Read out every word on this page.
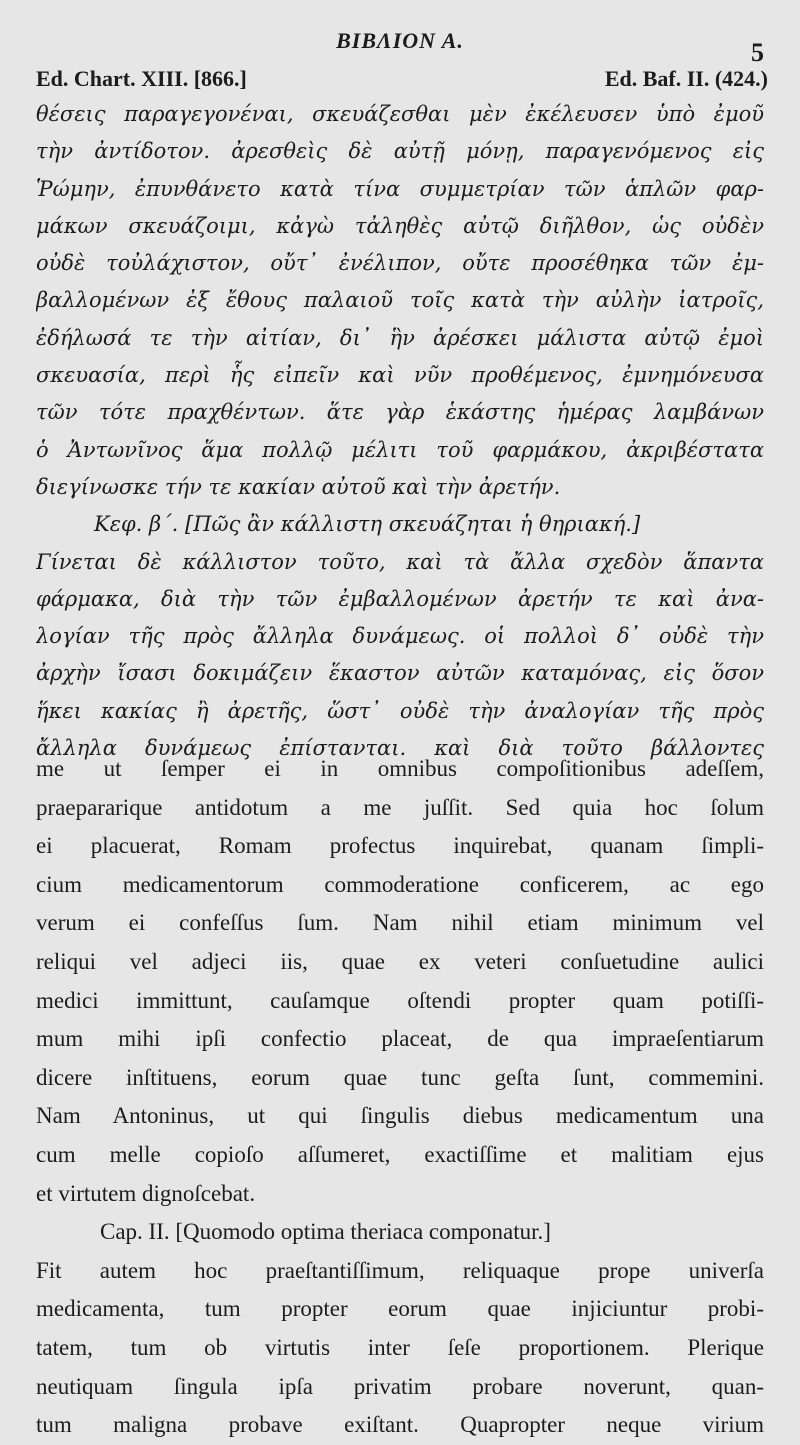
ΒΙΒΛΙΟΝ Α.	5
Ed. Chart. XIII. [866.]	Ed. Baf. II. (424.)
θέσεις παραγεγονέναι, σκευάζεσθαι μὲν ἐκέλευσεν ὑπὸ ἐμοῦ
τὴν ἀντίδοτον. ἀρεσθεὶς δὲ αὐτῇ μόνῃ, παραγενόμενος εἰς
Ῥώμην, ἐπυνθάνετο κατὰ τίνα συμμετρίαν τῶν ἁπλῶν φαρ-
μάκων σκευάζοιμι, κἀγὼ τἀληθὲς αὐτῷ διῆλθον, ὡς οὐδὲν
οὐδὲ τοὐλάχιστον, οὔτ᾽ ἐνέλιπον, οὔτε προσέθηκα τῶν ἐμ-
βαλλομένων ἐξ ἔθους παλαιοῦ τοῖς κατὰ τὴν αὐλὴν ἰατροῖς,
ἐδήλωσά τε τὴν αἰτίαν, δι᾽ ἣν ἀρέσκει μάλιστα αὐτῷ ἐμοὶ
σκευασία, περὶ ἧς εἰπεῖν καὶ νῦν προθέμενος, ἐμνημόνευσα
τῶν τότε πραχθέντων. ἅτε γὰρ ἑκάστης ἡμέρας λαμβάνων
ὁ Ἀντωνῖνος ἅμα πολλῷ μέλιτι τοῦ φαρμάκου, ἀκριβέστατα
διεγίνωσκε τήν τε κακίαν αὐτοῦ καὶ τὴν ἀρετήν.
Κεφ. β΄. [Πῶς ἂν κάλλιστη σκευάζηται ἡ θηριακή.]
Γίνεται δὲ κάλλιστον τοῦτο, καὶ τὰ ἄλλα σχεδὸν ἅπαντα
φάρμακα, διὰ τὴν τῶν ἐμβαλλομένων ἀρετήν τε καὶ ἀνα-
λογίαν τῆς πρὸς ἄλληλα δυνάμεως. οἱ πολλοὶ δ᾽ οὐδὲ τὴν
ἀρχὴν ἴσασι δοκιμάζειν ἕκαστον αὐτῶν καταμόνας, εἰς ὅσον
ἥκει κακίας ἢ ἀρετῆς, ὥστ᾽ οὐδὲ τὴν ἀναλογίαν τῆς πρὸς
ἄλληλα δυνάμεως ἐπίστανται. καὶ διὰ τοῦτο βάλλοντες
me ut ſemper ei in omnibus compoſitionibus adeſſem,
praepararique antidotum a me juſſit. Sed quia hoc ſolum
ei placuerat, Romam profectus inquirebat, quanam ſimpli-
cium medicamentorum commoderatione conficerem, ac ego
verum ei confeſſus ſum. Nam nihil etiam minimum vel
reliqui vel adjeci iis, quae ex veteri conſuetudine aulici
medici immittunt, cauſamque oſtendi propter quam potiſſi-
mum mihi ipſi confectio placeat, de qua impraeſentiarum
dicere inſtituens, eorum quae tunc geſta ſunt, commemini.
Nam Antoninus, ut qui ſingulis diebus medicamentum una
cum melle copioſo aſſumeret, exactiſſime et malitiam ejus
et virtutem dignoſcebat.
Cap. II. [Quomodo optima theriaca componatur.]
Fit autem hoc praeſtantiſſimum, reliquaque prope univerſa
medicamenta, tum propter eorum quae injiciuntur probi-
tatem, tum ob virtutis inter ſeſe proportionem. Plerique
neutiquam ſingula ipſa privatim probare noverunt, quan-
tum maligna probave exiſtant. Quapropter neque virium
